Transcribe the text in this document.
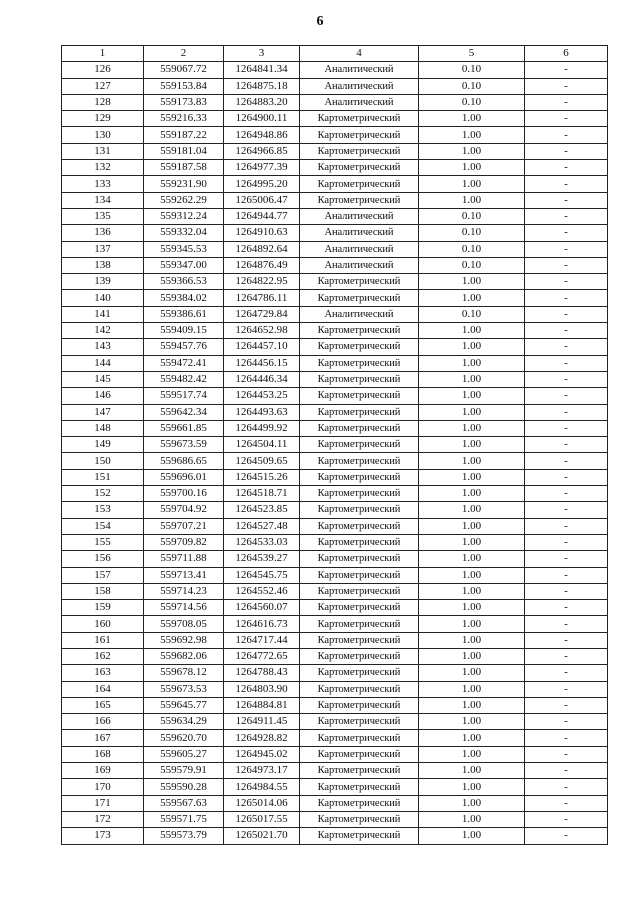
6
1	2	3	4	5	6
126	559067.72	1264841.34	Аналитический	0.10	-
127	559153.84	1264875.18	Аналитический	0.10	-
128	559173.83	1264883.20	Аналитический	0.10	-
129	559216.33	1264900.11	Картометрический	1.00	-
130	559187.22	1264948.86	Картометрический	1.00	-
131	559181.04	1264966.85	Картометрический	1.00	-
132	559187.58	1264977.39	Картометрический	1.00	-
133	559231.90	1264995.20	Картометрический	1.00	-
134	559262.29	1265006.47	Картометрический	1.00	-
135	559312.24	1264944.77	Аналитический	0.10	-
136	559332.04	1264910.63	Аналитический	0.10	-
137	559345.53	1264892.64	Аналитический	0.10	-
138	559347.00	1264876.49	Аналитический	0.10	-
139	559366.53	1264822.95	Картометрический	1.00	-
140	559384.02	1264786.11	Картометрический	1.00	-
141	559386.61	1264729.84	Аналитический	0.10	-
142	559409.15	1264652.98	Картометрический	1.00	-
143	559457.76	1264457.10	Картометрический	1.00	-
144	559472.41	1264456.15	Картометрический	1.00	-
145	559482.42	1264446.34	Картометрический	1.00	-
146	559517.74	1264453.25	Картометрический	1.00	-
147	559642.34	1264493.63	Картометрический	1.00	-
148	559661.85	1264499.92	Картометрический	1.00	-
149	559673.59	1264504.11	Картометрический	1.00	-
150	559686.65	1264509.65	Картометрический	1.00	-
151	559696.01	1264515.26	Картометрический	1.00	-
152	559700.16	1264518.71	Картометрический	1.00	-
153	559704.92	1264523.85	Картометрический	1.00	-
154	559707.21	1264527.48	Картометрический	1.00	-
155	559709.82	1264533.03	Картометрический	1.00	-
156	559711.88	1264539.27	Картометрический	1.00	-
157	559713.41	1264545.75	Картометрический	1.00	-
158	559714.23	1264552.46	Картометрический	1.00	-
159	559714.56	1264560.07	Картометрический	1.00	-
160	559708.05	1264616.73	Картометрический	1.00	-
161	559692.98	1264717.44	Картометрический	1.00	-
162	559682.06	1264772.65	Картометрический	1.00	-
163	559678.12	1264788.43	Картометрический	1.00	-
164	559673.53	1264803.90	Картометрический	1.00	-
165	559645.77	1264884.81	Картометрический	1.00	-
166	559634.29	1264911.45	Картометрический	1.00	-
167	559620.70	1264928.82	Картометрический	1.00	-
168	559605.27	1264945.02	Картометрический	1.00	-
169	559579.91	1264973.17	Картометрический	1.00	-
170	559590.28	1264984.55	Картометрический	1.00	-
171	559567.63	1265014.06	Картометрический	1.00	-
172	559571.75	1265017.55	Картометрический	1.00	-
173	559573.79	1265021.70	Картометрический	1.00	-
